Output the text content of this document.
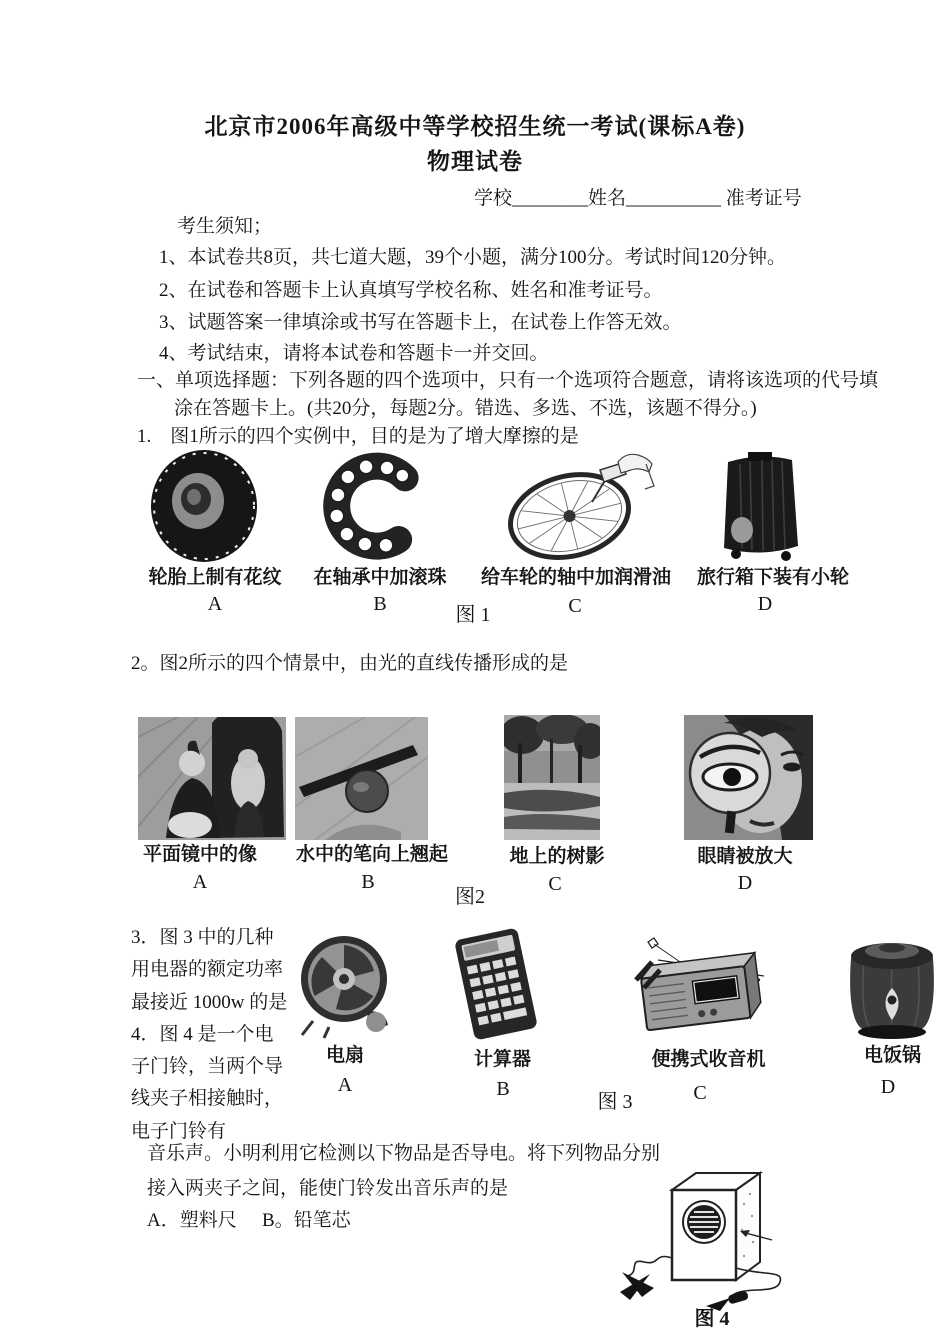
北京市2006年高级中等学校招生统一考试(课标A卷)
物理试卷
学校________姓名__________ 准考证号
考生须知；
1、本试卷共8页，共七道大题，39个小题，满分100分。考试时间120分钟。
2、在试卷和答题卡上认真填写学校名称、姓名和准考证号。
3、试题答案一律填涂或书写在答题卡上，在试卷上作答无效。
4、考试结束，请将本试卷和答题卡一并交回。
一、单项选择题：下列各题的四个选项中，只有一个选项符合题意，请将该选项的代号填
涂在答题卡上。(共20分，每题2分。错选、多选、不选，该题不得分。)
1.　图1所示的四个实例中，目的是为了增大摩擦的是
轮胎上制有花纹	在轴承中加滚珠	给车轮的轴中加润滑油	旅行箱下装有小轮
A	B	C	D
图 1
2。图2所示的四个情景中，由光的直线传播形成的是
平面镜中的像	水中的笔向上翘起	地上的树影	眼睛被放大
A	B	C	D
图2
3．图 3 中的几种
用电器的额定功率
最接近 1000w 的是
4．图 4 是一个电
子门铃，当两个导
线夹子相接触时，
电子门铃有
电扇	计算器	便携式收音机	电饭锅
A	B	C	D
图 3
音乐声。小明利用它检测以下物品是否导电。将下列物品分别
接入两夹子之间，能使门铃发出音乐声的是
A．塑料尺 B。铅笔芯
图 4
